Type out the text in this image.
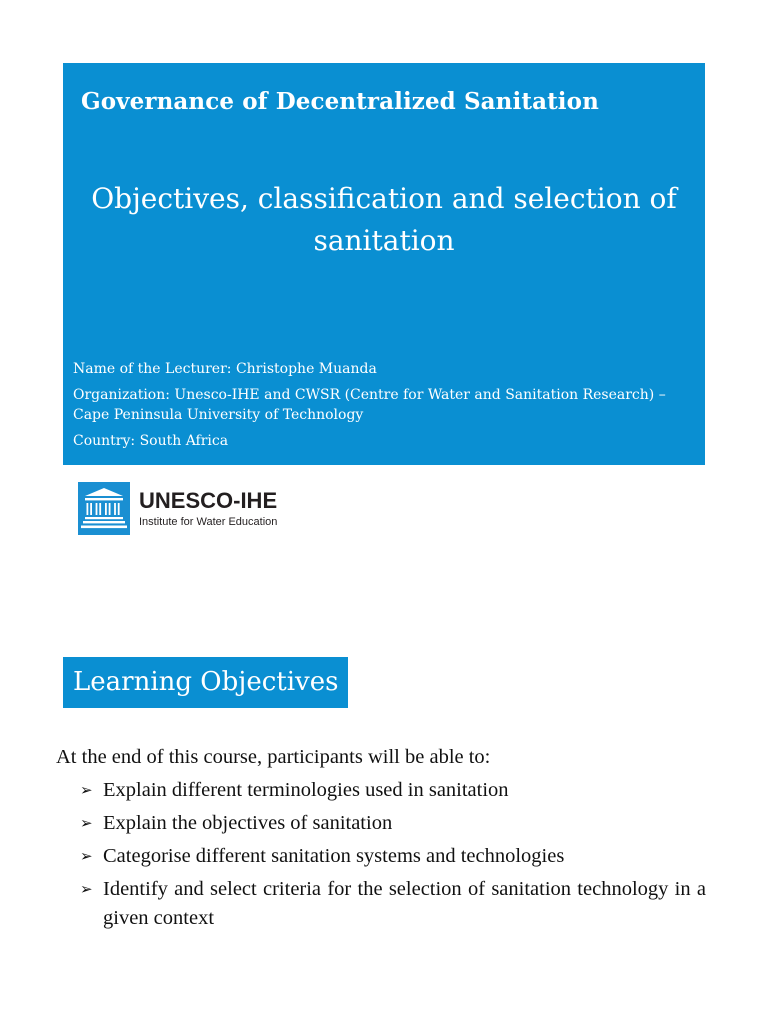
Governance of Decentralized Sanitation
Objectives, classification and selection of sanitation

Name of the Lecturer: Christophe Muanda

Organization: Unesco-IHE and CWSR (Centre for Water and Sanitation Research) – Cape Peninsula University of Technology

Country: South Africa

UNESCO-IHE
Institute for Water Education
Learning Objectives

At the end of this course, participants will be able to:

➢ Explain different terminologies used in sanitation
➢ Explain the objectives of sanitation
➢ Categorise different sanitation systems and technologies
➢ Identify and select criteria for the selection of sanitation technology in a given context
